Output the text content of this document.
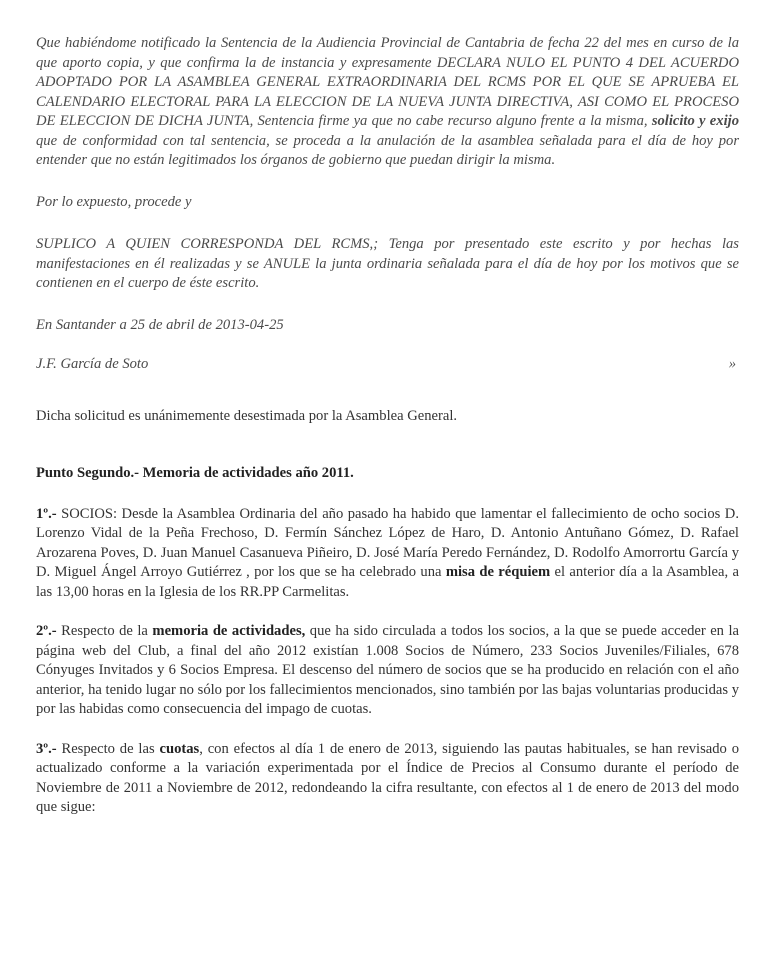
Que habiéndome notificado la Sentencia de la Audiencia Provincial de Cantabria de fecha 22 del mes en curso de la que aporto copia, y que confirma la de instancia y expresamente DECLARA NULO EL PUNTO 4 DEL ACUERDO ADOPTADO POR LA ASAMBLEA GENERAL EXTRAORDINARIA DEL RCMS POR EL QUE SE APRUEBA EL CALENDARIO ELECTORAL PARA LA ELECCION DE LA NUEVA JUNTA DIRECTIVA, ASI COMO EL PROCESO DE ELECCION DE DICHA JUNTA, Sentencia firme ya que no cabe recurso alguno frente a la misma, solicito y exijo que de conformidad con tal sentencia, se proceda a la anulación de la asamblea señalada para el día de hoy por entender que no están legitimados los órganos de gobierno que puedan dirigir la misma.

Por lo expuesto, procede y

SUPLICO A QUIEN CORRESPONDA DEL RCMS,; Tenga por presentado este escrito y por hechas las manifestaciones en él realizadas y se ANULE la junta ordinaria señalada para el día de hoy por los motivos que se contienen en el cuerpo de éste escrito.

En Santander a 25 de abril de 2013-04-25

J.F. García de Soto	»

Dicha solicitud es unánimemente desestimada por la Asamblea General.

Punto Segundo.- Memoria de actividades año 2011.

1º.- SOCIOS: Desde la Asamblea Ordinaria del año pasado ha habido que lamentar el fallecimiento de ocho socios D. Lorenzo Vidal de la Peña Frechoso, D. Fermín Sánchez López de Haro, D. Antonio Antuñano Gómez, D. Rafael Arozarena Poves, D. Juan Manuel Casanueva Piñeiro, D. José María Peredo Fernández, D. Rodolfo Amorrortu García y D. Miguel Ángel Arroyo Gutiérrez , por los que se ha celebrado una misa de réquiem el anterior día a la Asamblea, a las 13,00 horas en la Iglesia de los RR.PP Carmelitas.

2º.- Respecto de la memoria de actividades, que ha sido circulada a todos los socios, a la que se puede acceder en la página web del Club, a final del año 2012 existían 1.008 Socios de Número, 233 Socios Juveniles/Filiales, 678 Cónyuges Invitados y 6 Socios Empresa. El descenso del número de socios que se ha producido en relación con el año anterior, ha tenido lugar no sólo por los fallecimientos mencionados, sino también por las bajas voluntarias producidas y por las habidas como consecuencia del impago de cuotas.

3º.- Respecto de las cuotas, con efectos al día 1 de enero de 2013, siguiendo las pautas habituales, se han revisado o actualizado conforme a la variación experimentada por el Índice de Precios al Consumo durante el período de Noviembre de 2011 a Noviembre de 2012, redondeando la cifra resultante, con efectos al 1 de enero de 2013 del modo que sigue:
